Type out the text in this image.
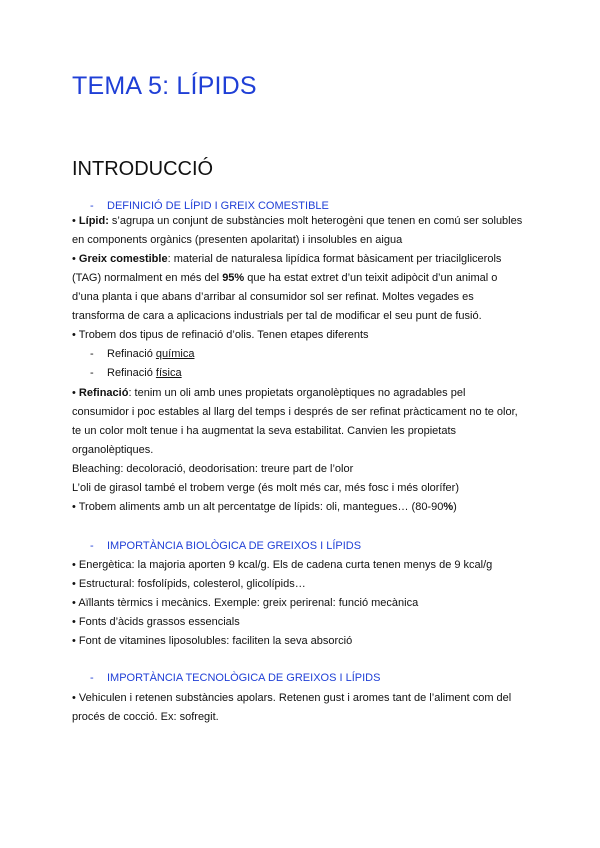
TEMA 5: LÍPIDS
INTRODUCCIÓ
- DEFINICIÓ DE LÍPID I GREIX COMESTIBLE
• Lípid: s’agrupa un conjunt de substàncies molt heterogèni que tenen en comú ser solubles
en components orgànics (presenten apolaritat) i insolubles en aigua
• Greix comestible: material de naturalesa lipídica format bàsicament per triacilglicerols
(TAG) normalment en més del 95% que ha estat extret d’un teixit adipòcit d’un animal o
d’una planta i que abans d’arribar al consumidor sol ser refinat. Moltes vegades es
transforma de cara a aplicacions industrials per tal de modificar el seu punt de fusió.
• Trobem dos tipus de refinació d’olis. Tenen etapes diferents
- Refinació química
- Refinació física
• Refinació: tenim un oli amb unes propietats organolèptiques no agradables pel
consumidor i poc estables al llarg del temps i després de ser refinat pràcticament no te olor,
te un color molt tenue i ha augmentat la seva estabilitat. Canvien les propietats
organolèptiques.
Bleaching: decoloració, deodorisation: treure part de l’olor
L’oli de girasol també el trobem verge (és molt més car, més fosc i més olorífer)
• Trobem aliments amb un alt percentatge de lípids: oli, mantegues… (80-90%)
- IMPORTÀNCIA BIOLÒGICA DE GREIXOS I LÍPIDS
• Energètica: la majoria aporten 9 kcal/g. Els de cadena curta tenen menys de 9 kcal/g
• Estructural: fosfolípids, colesterol, glicolípids…
• Aïllants tèrmics i mecànics. Exemple: greix perirenal: funció mecànica
• Fonts d’àcids grassos essencials
• Font de vitamines liposolubles: faciliten la seva absorció
- IMPORTÀNCIA TECNOLÒGICA DE GREIXOS I LÍPIDS
• Vehiculen i retenen substàncies apolars. Retenen gust i aromes tant de l’aliment com del
procés de cocció. Ex: sofregit.
